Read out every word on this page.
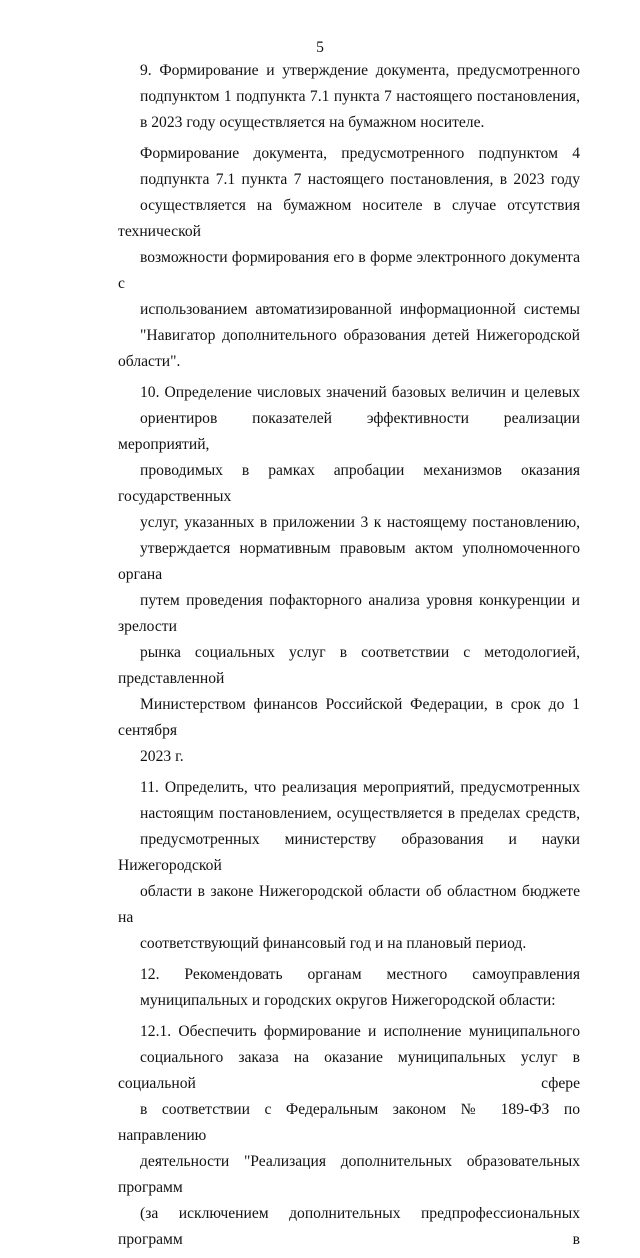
5

9. Формирование и утверждение документа, предусмотренного
подпунктом 1 подпункта 7.1 пункта 7 настоящего постановления,
в 2023 году осуществляется на бумажном носителе.

Формирование документа, предусмотренного подпунктом 4
подпункта 7.1 пункта 7 настоящего постановления, в 2023 году
осуществляется на бумажном носителе в случае отсутствия технической
возможности формирования его в форме электронного документа с
использованием автоматизированной информационной системы
"Навигатор дополнительного образования детей Нижегородской области".

10. Определение числовых значений базовых величин и целевых
ориентиров показателей эффективности реализации мероприятий,
проводимых в рамках апробации механизмов оказания государственных
услуг, указанных в приложении 3 к настоящему постановлению,
утверждается нормативным правовым актом уполномоченного органа
путем проведения пофакторного анализа уровня конкуренции и зрелости
рынка социальных услуг в соответствии с методологией, представленной
Министерством финансов Российской Федерации, в срок до 1 сентября
2023 г.

11. Определить, что реализация мероприятий, предусмотренных
настоящим постановлением, осуществляется в пределах средств,
предусмотренных министерству образования и науки Нижегородской
области в законе Нижегородской области об областном бюджете на
соответствующий финансовый год и на плановый период.

12. Рекомендовать органам местного самоуправления
муниципальных и городских округов Нижегородской области:

12.1. Обеспечить формирование и исполнение муниципального
социального заказа на оказание муниципальных услуг в социальной сфере
в соответствии с Федеральным законом № 189-ФЗ по направлению
деятельности "Реализация дополнительных образовательных программ
(за исключением дополнительных предпрофессиональных программ в
